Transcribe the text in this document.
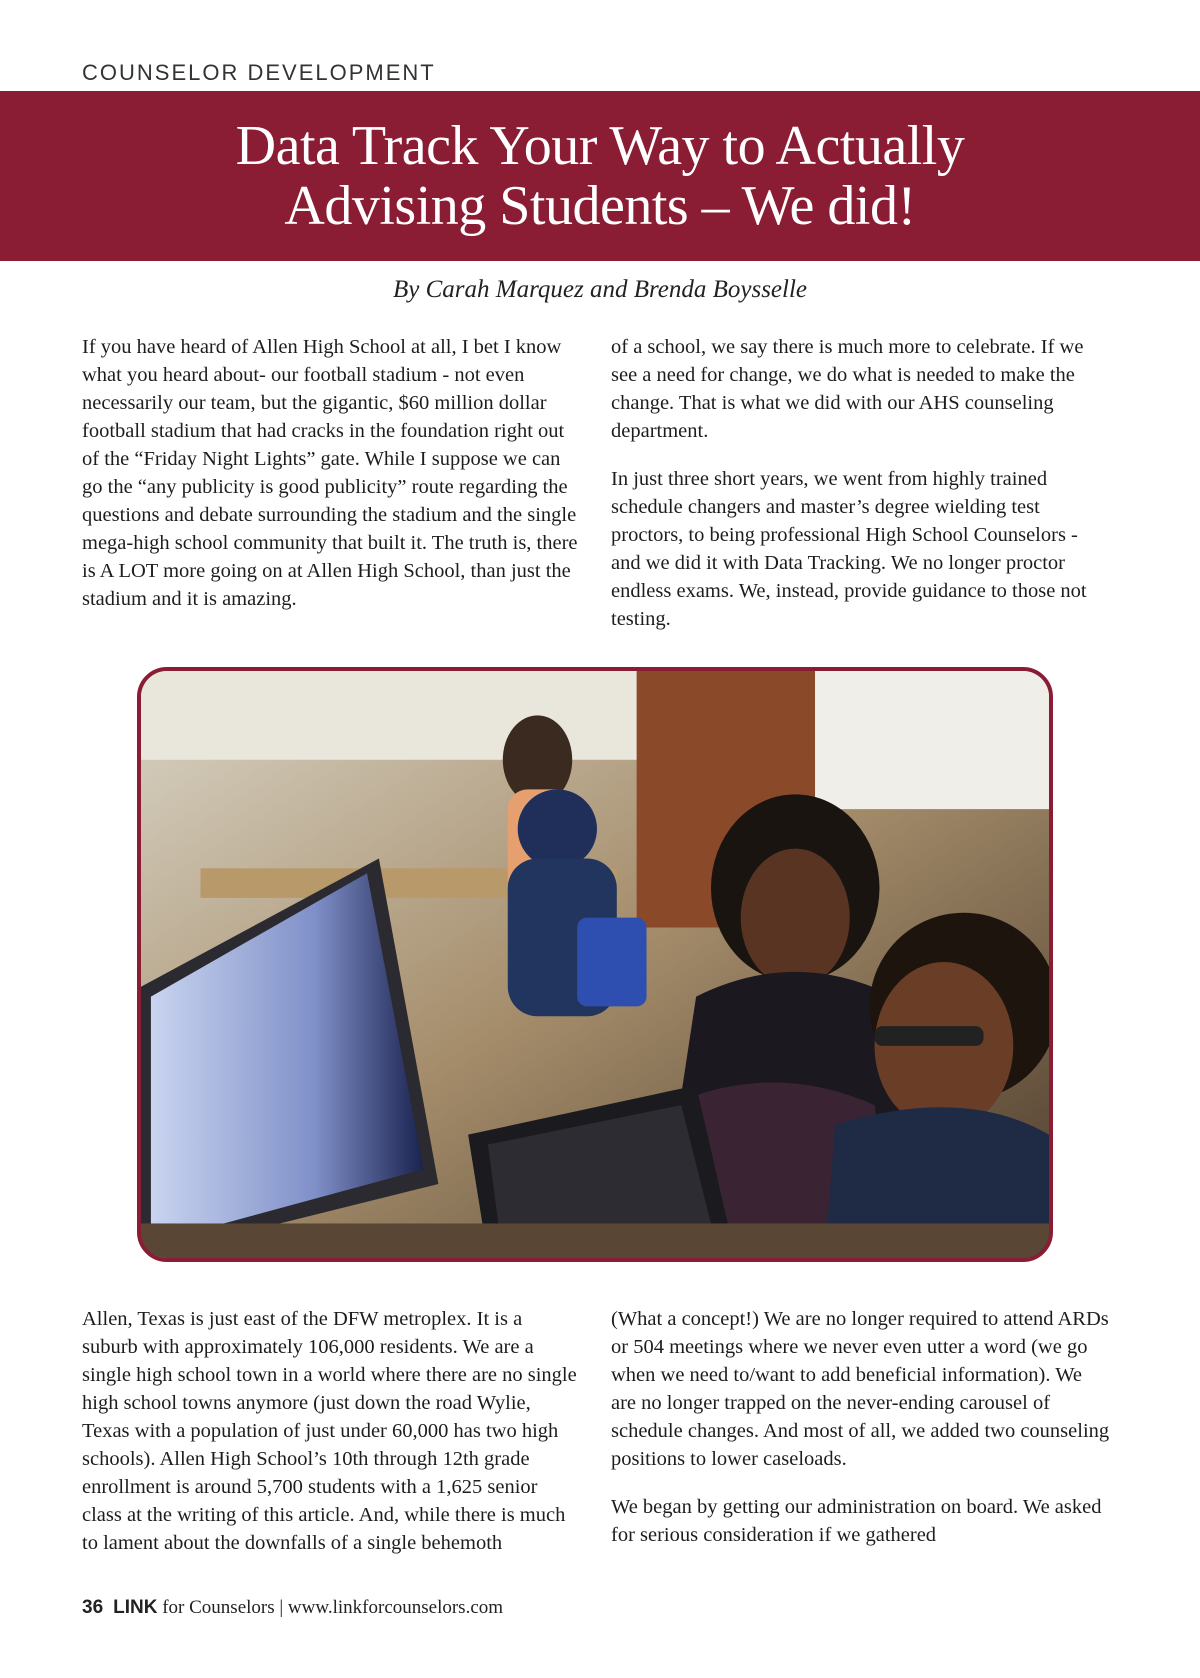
COUNSELOR DEVELOPMENT
Data Track Your Way to Actually
Advising Students – We did!
By Carah Marquez and Brenda Boysselle

If you have heard of Allen High School at all, I bet I know what you heard about- our football stadium - not even necessarily our team, but the gigantic, $60 million dollar football stadium that had cracks in the foundation right out of the “Friday Night Lights” gate. While I suppose we can go the “any publicity is good publicity” route regarding the questions and debate surrounding the stadium and the single mega-high school community that built it. The truth is, there is A LOT more going on at Allen High School, than just the stadium and it is amazing.

of a school, we say there is much more to celebrate. If we see a need for change, we do what is needed to make the change. That is what we did with our AHS counseling department.

In just three short years, we went from highly trained schedule changers and master’s degree wielding test proctors, to being professional High School Counselors - and we did it with Data Tracking. We no longer proctor endless exams. We, instead, provide guidance to those not testing.

Allen, Texas is just east of the DFW metroplex. It is a suburb with approximately 106,000 residents. We are a single high school town in a world where there are no single high school towns anymore (just down the road Wylie, Texas with a population of just under 60,000 has two high schools). Allen High School’s 10th through 12th grade enrollment is around 5,700 students with a 1,625 senior class at the writing of this article. And, while there is much to lament about the downfalls of a single behemoth

(What a concept!) We are no longer required to attend ARDs or 504 meetings where we never even utter a word (we go when we need to/want to add beneficial information). We are no longer trapped on the never-ending carousel of schedule changes. And most of all, we added two counseling positions to lower caseloads.

We began by getting our administration on board. We asked for serious consideration if we gathered

36 LINK for Counselors | www.linkforcounselors.com
